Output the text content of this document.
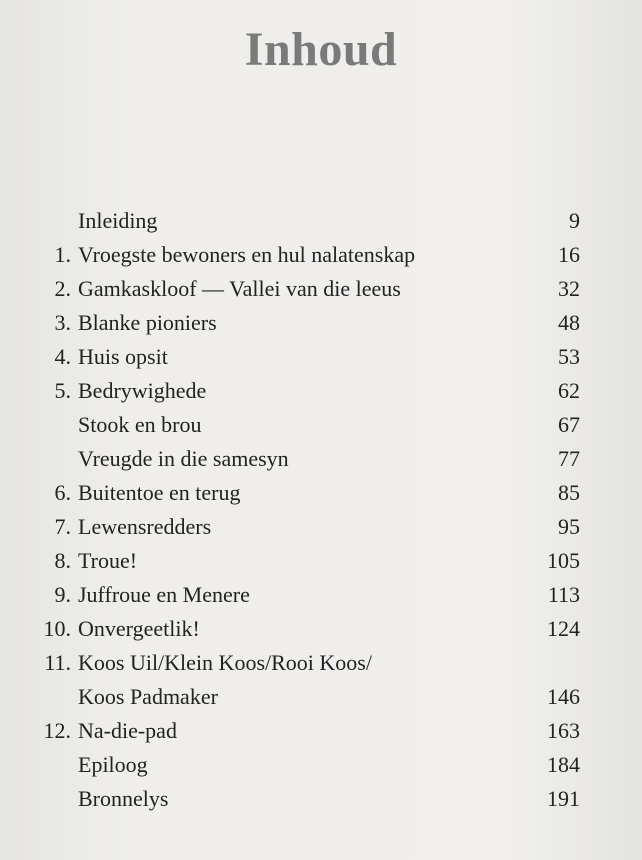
Inhoud
Inleiding	9
1. Vroegste bewoners en hul nalatenskap	16
2. Gamkaskloof — Vallei van die leeus	32
3. Blanke pioniers	48
4. Huis opsit	53
5. Bedrywighede	62
Stook en brou	67
Vreugde in die samesyn	77
6. Buitentoe en terug	85
7. Lewensredders	95
8. Troue!	105
9. Juffroue en Menere	113
10. Onvergeetlik!	124
11. Koos Uil/Klein Koos/Rooi Koos/
Koos Padmaker	146
12. Na-die-pad	163
Epiloog	184
Bronnelys	191
